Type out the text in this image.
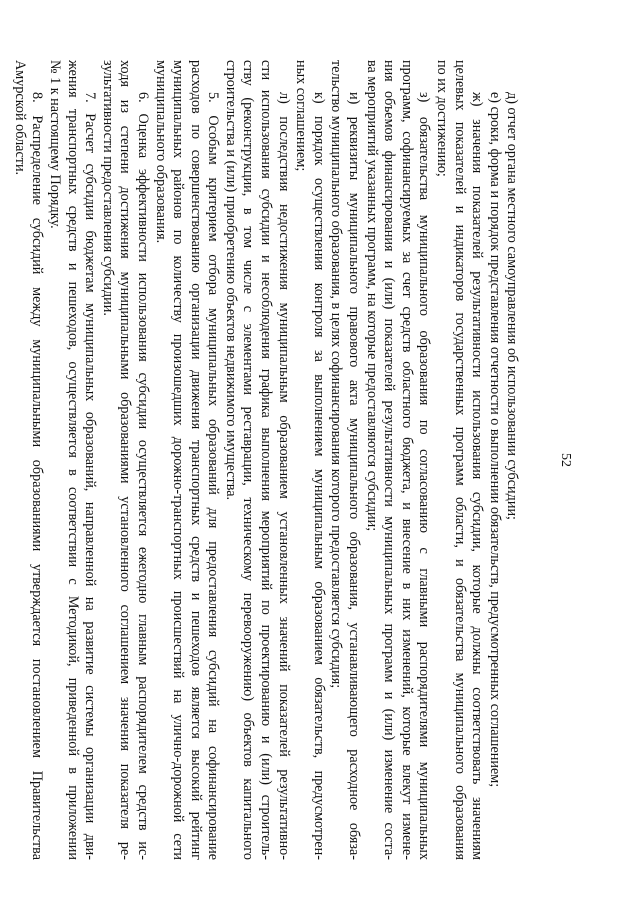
52
д) отчет органа местного самоуправления об использовании субсидии;
е) сроки, форма и порядок представления отчетности о выполнении обязательств, предусмотренных соглашением;
ж) значения показателей результативности использования субсидии, которые должны соответствовать значениям
целевых показателей и индикаторов государственных программ области, и обязательства муниципального образования
по их достижению;
з) обязательства муниципального образования по согласованию с главными распорядителями муниципальных
программ, софинансируемых за счет средств областного бюджета, и внесение в них изменений, которые влекут измене-
ния объемов финансирования и (или) показателей результативности муниципальных программ и (или) изменение соста-
ва мероприятий указанных программ, на которые предоставляются субсидии;
и) реквизиты муниципального правового акта муниципального образования, устанавливающего расходное обяза-
тельство муниципального образования, в целях софинансирования которого предоставляется субсидия;
к) порядок осуществления контроля за выполнением муниципальным образованием обязательств, предусмотрен-
ных соглашением;
л) последствия недостижения муниципальным образованием установленных значений показателей результативно-
сти использования субсидии и несоблюдения графика выполнения мероприятий по проектированию и (или) строитель-
ству (реконструкции, в том числе с элементами реставрации, техническому перевооружению) объектов капитального
строительства и (или) приобретению объектов недвижимого имущества.
5. Особым критерием отбора муниципальных образований для предоставления субсидий на софинансирование
расходов по совершенствованию организации движения транспортных средств и пешеходов является высокий рейтинг
муниципальных районов по количеству произошедших дорожно-транспортных происшествий на улично-дорожной сети
муниципального образования.
6. Оценка эффективности использования субсидии осуществляется ежегодно главным распорядителем средств ис-
ходя из степени достижения муниципальными образованиями установленного соглашением значения показателя ре-
зультативности предоставления субсидии.
7. Расчет субсидии бюджетам муниципальных образований, направленной на развитие системы организации дви-
жения транспортных средств и пешеходов, осуществляется в соответствии с Методикой, приведенной в приложении
№ 1 к настоящему Порядку.
8. Распределение субсидий между муниципальными образованиями утверждается постановлением Правительства
Амурской области.
